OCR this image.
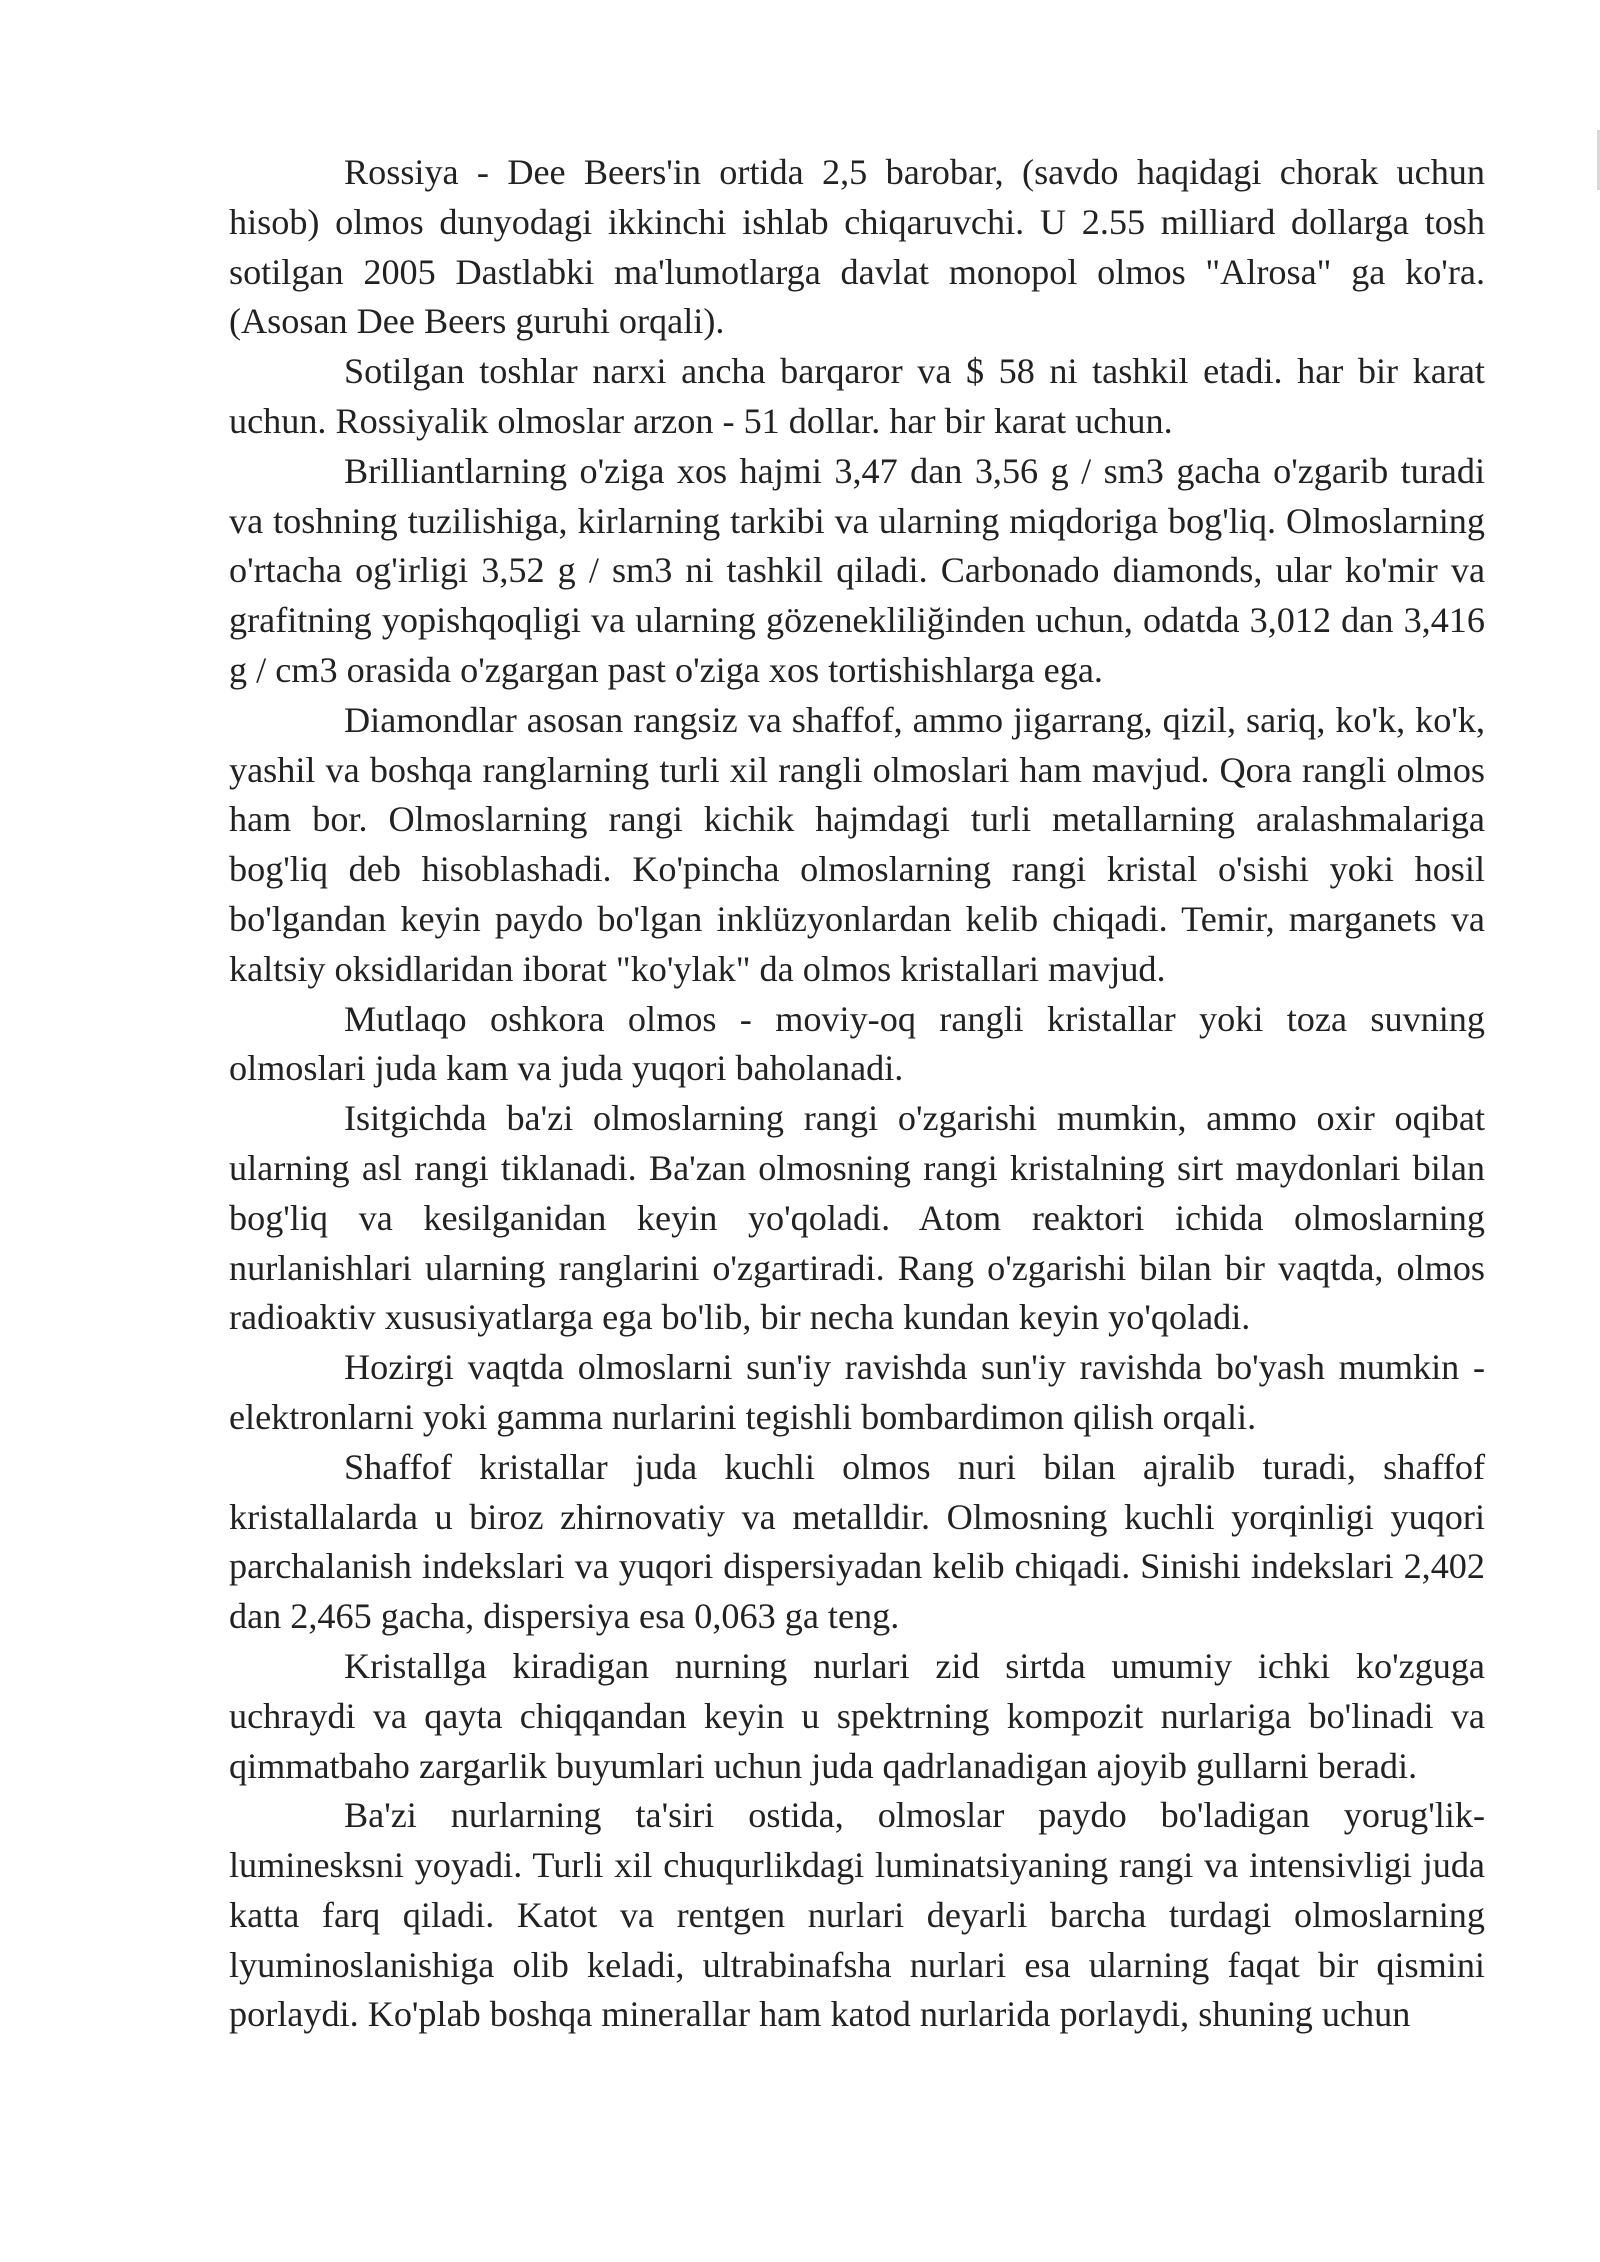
Rossiya - Dee Beers'in ortida 2,5 barobar, (savdo haqidagi chorak uchun hisob) olmos dunyodagi ikkinchi ishlab chiqaruvchi. U 2.55 milliard dollarga tosh sotilgan 2005 Dastlabki ma'lumotlarga davlat monopol olmos "Alrosa" ga ko'ra. (Asosan Dee Beers guruhi orqali).

Sotilgan toshlar narxi ancha barqaror va $ 58 ni tashkil etadi. har bir karat uchun. Rossiyalik olmoslar arzon - 51 dollar. har bir karat uchun.

Brilliantlarning o'ziga xos hajmi 3,47 dan 3,56 g / sm3 gacha o'zgarib turadi va toshning tuzilishiga, kirlarning tarkibi va ularning miqdoriga bog'liq. Olmoslarning o'rtacha og'irligi 3,52 g / sm3 ni tashkil qiladi. Carbonado diamonds, ular ko'mir va grafitning yopishqoqligi va ularning gözenekliliğinden uchun, odatda 3,012 dan 3,416 g / cm3 orasida o'zgargan past o'ziga xos tortishishlarga ega.

Diamondlar asosan rangsiz va shaffof, ammo jigarrang, qizil, sariq, ko'k, ko'k, yashil va boshqa ranglarning turli xil rangli olmoslari ham mavjud. Qora rangli olmos ham bor. Olmoslarning rangi kichik hajmdagi turli metallarning aralashmalariga bog'liq deb hisoblashadi. Ko'pincha olmoslarning rangi kristal o'sishi yoki hosil bo'lgandan keyin paydo bo'lgan inklüzyonlardan kelib chiqadi. Temir, marganets va kaltsiy oksidlaridan iborat "ko'ylak" da olmos kristallari mavjud.

Mutlaqo oshkora olmos - moviy-oq rangli kristallar yoki toza suvning olmoslari juda kam va juda yuqori baholanadi.

Isitgichda ba'zi olmoslarning rangi o'zgarishi mumkin, ammo oxir oqibat ularning asl rangi tiklanadi. Ba'zan olmosning rangi kristalning sirt maydonlari bilan bog'liq va kesilganidan keyin yo'qoladi. Atom reaktori ichida olmoslarning nurlanishlari ularning ranglarini o'zgartiradi. Rang o'zgarishi bilan bir vaqtda, olmos radioaktiv xususiyatlarga ega bo'lib, bir necha kundan keyin yo'qoladi.

Hozirgi vaqtda olmoslarni sun'iy ravishda sun'iy ravishda bo'yash mumkin - elektronlarni yoki gamma nurlarini tegishli bombardimon qilish orqali.

Shaffof kristallar juda kuchli olmos nuri bilan ajralib turadi, shaffof kristallalarda u biroz zhirnovatiy va metalldir. Olmosning kuchli yorqinligi yuqori parchalanish indekslari va yuqori dispersiyadan kelib chiqadi. Sinishi indekslari 2,402 dan 2,465 gacha, dispersiya esa 0,063 ga teng.

Kristallga kiradigan nurning nurlari zid sirtda umumiy ichki ko'zguga uchraydi va qayta chiqqandan keyin u spektrning kompozit nurlariga bo'linadi va qimmatbaho zargarlik buyumlari uchun juda qadrlanadigan ajoyib gullarni beradi.

Ba'zi nurlarning ta'siri ostida, olmoslar paydo bo'ladigan yorug'lik-luminesksni yoyadi. Turli xil chuqurlikdagi luminatsiyaning rangi va intensivligi juda katta farq qiladi. Katot va rentgen nurlari deyarli barcha turdagi olmoslarning lyuminoslanishiga olib keladi, ultrabinafsha nurlari esa ularning faqat bir qismini porlaydi. Ko'plab boshqa minerallar ham katod nurlarida porlaydi, shuning uchun
